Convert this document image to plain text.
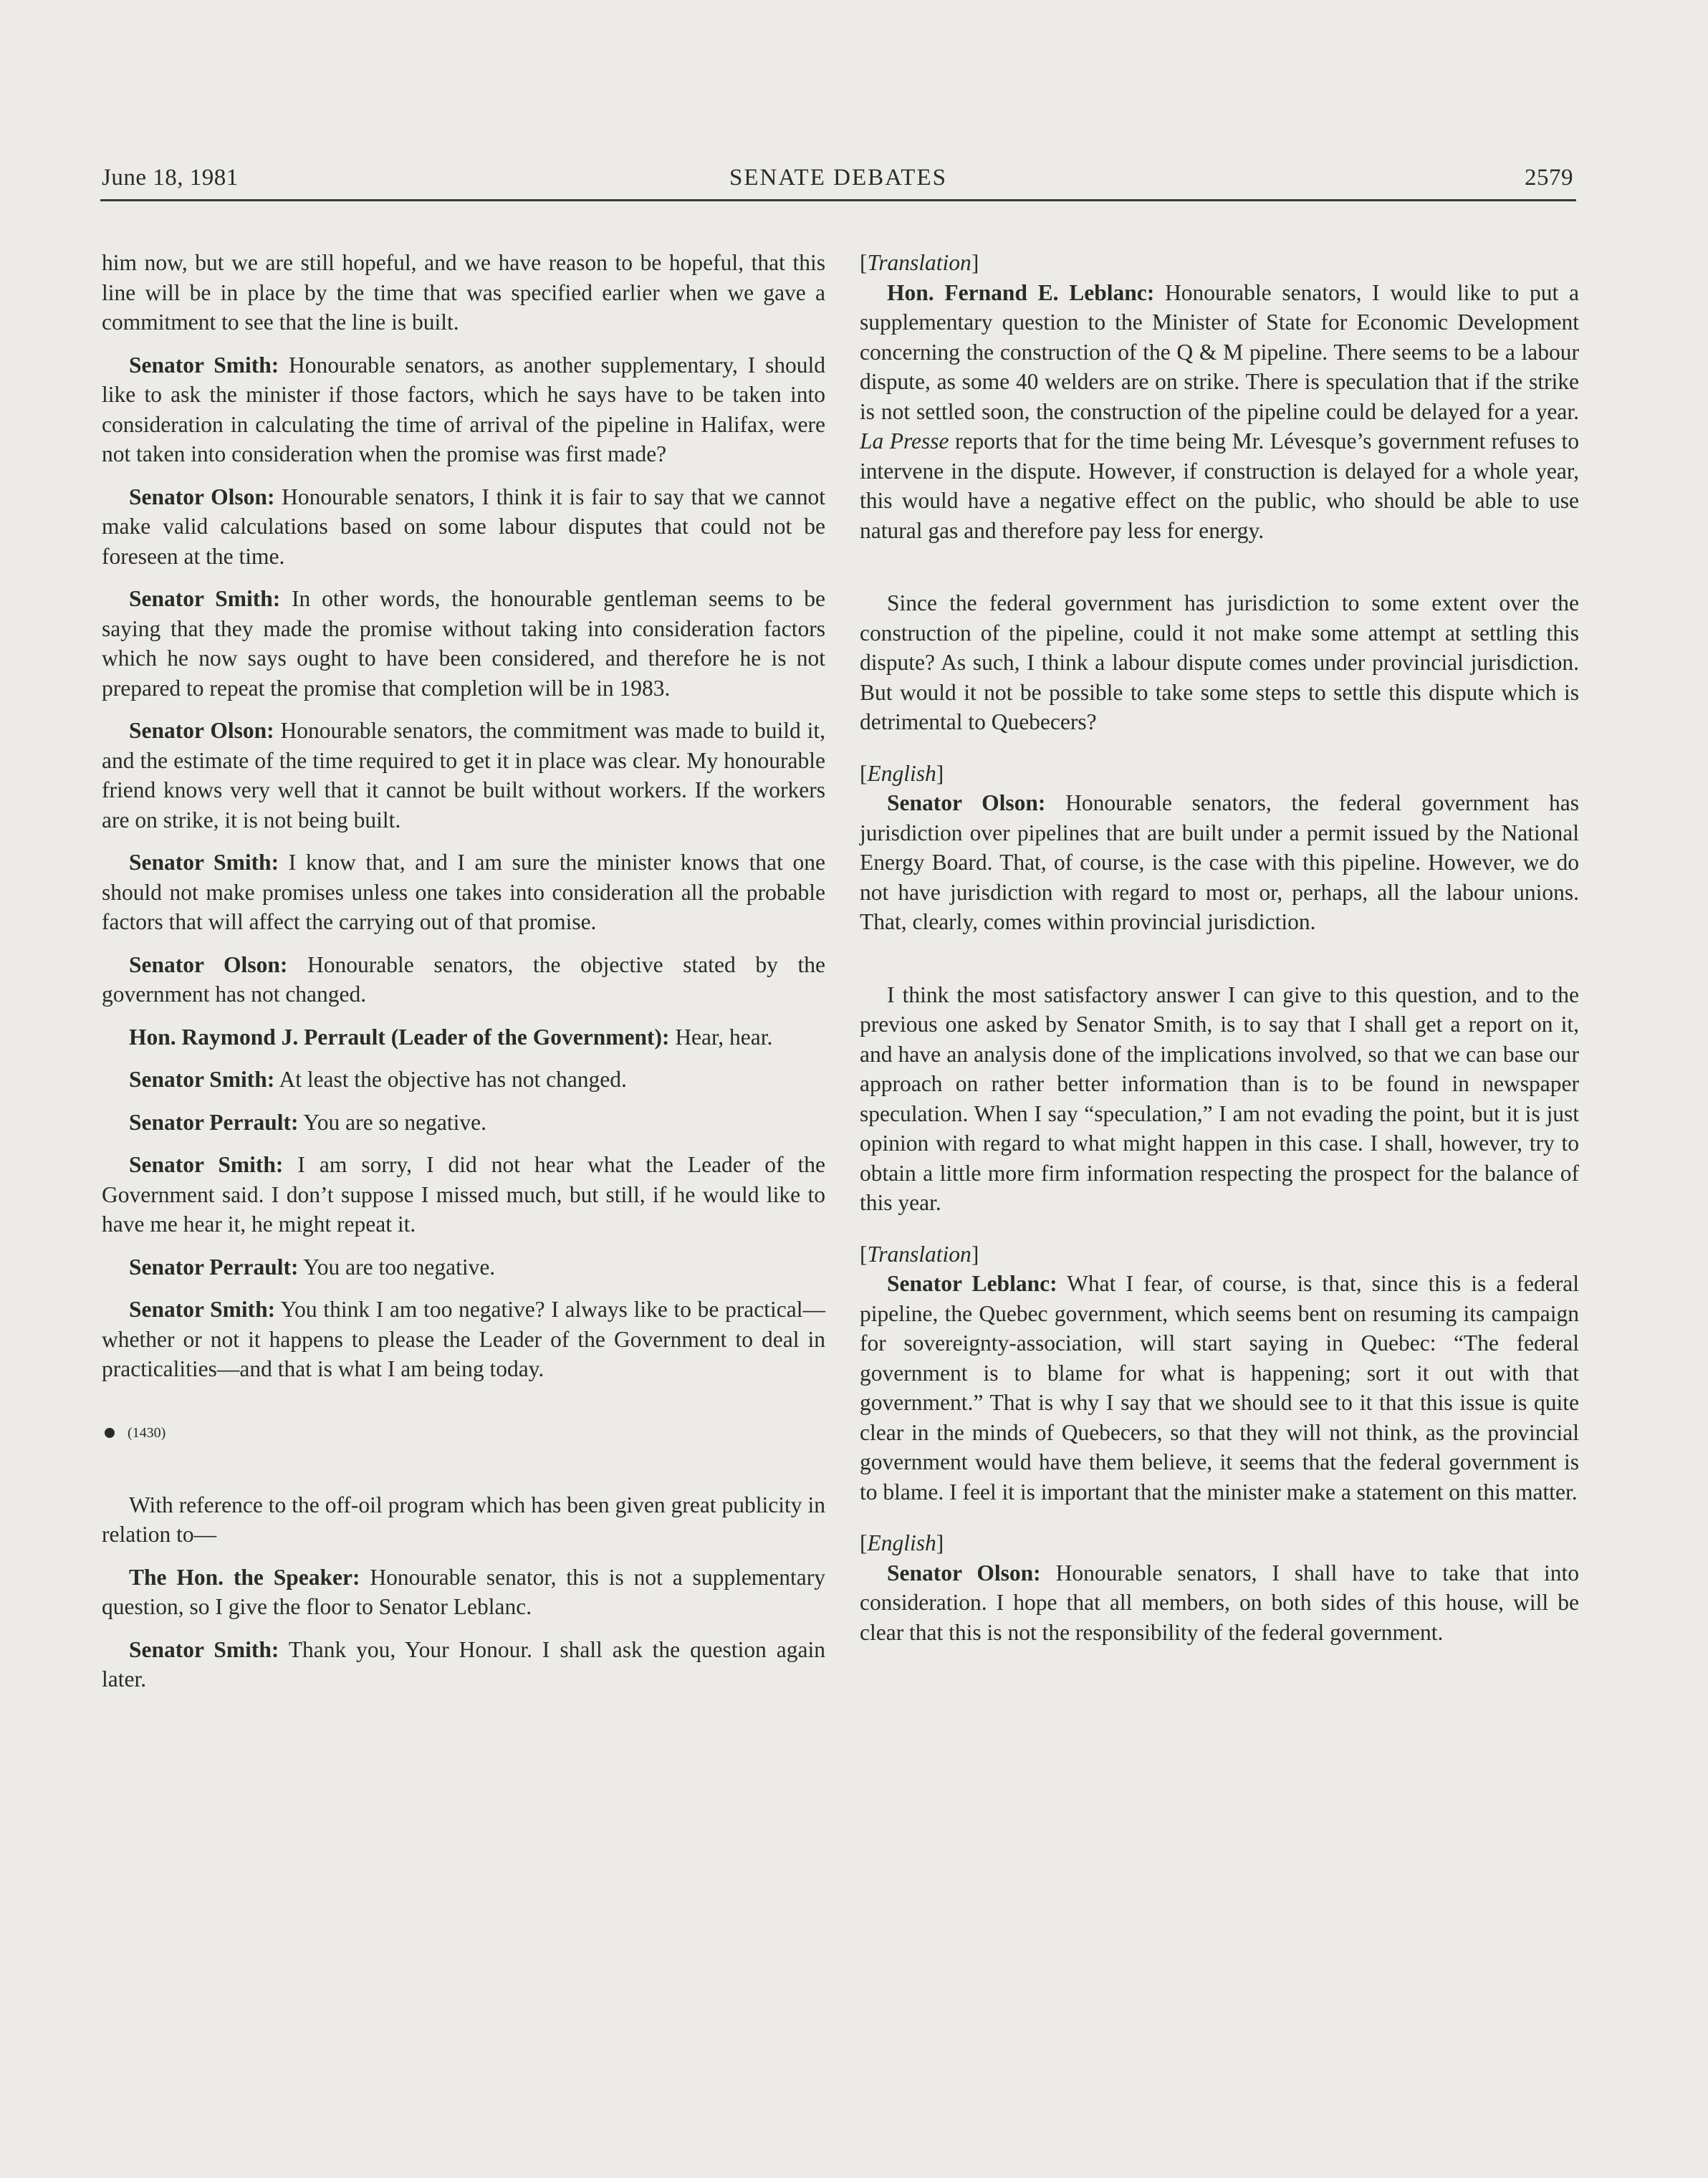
June 18, 1981	SENATE DEBATES	2579

him now, but we are still hopeful, and we have reason to be hopeful, that this line will be in place by the time that was specified earlier when we gave a commitment to see that the line is built.

Senator Smith: Honourable senators, as another supplementary, I should like to ask the minister if those factors, which he says have to be taken into consideration in calculating the time of arrival of the pipeline in Halifax, were not taken into consideration when the promise was first made?

Senator Olson: Honourable senators, I think it is fair to say that we cannot make valid calculations based on some labour disputes that could not be foreseen at the time.

Senator Smith: In other words, the honourable gentleman seems to be saying that they made the promise without taking into consideration factors which he now says ought to have been considered, and therefore he is not prepared to repeat the promise that completion will be in 1983.

Senator Olson: Honourable senators, the commitment was made to build it, and the estimate of the time required to get it in place was clear. My honourable friend knows very well that it cannot be built without workers. If the workers are on strike, it is not being built.

Senator Smith: I know that, and I am sure the minister knows that one should not make promises unless one takes into consideration all the probable factors that will affect the carrying out of that promise.

Senator Olson: Honourable senators, the objective stated by the government has not changed.

Hon. Raymond J. Perrault (Leader of the Government): Hear, hear.

Senator Smith: At least the objective has not changed.

Senator Perrault: You are so negative.

Senator Smith: I am sorry, I did not hear what the Leader of the Government said. I don’t suppose I missed much, but still, if he would like to have me hear it, he might repeat it.

Senator Perrault: You are too negative.

Senator Smith: You think I am too negative? I always like to be practical—whether or not it happens to please the Leader of the Government to deal in practicalities—and that is what I am being today.

(1430)

With reference to the off-oil program which has been given great publicity in relation to—

The Hon. the Speaker: Honourable senator, this is not a supplementary question, so I give the floor to Senator Leblanc.

Senator Smith: Thank you, Your Honour. I shall ask the question again later.

[Translation]

Hon. Fernand E. Leblanc: Honourable senators, I would like to put a supplementary question to the Minister of State for Economic Development concerning the construction of the Q & M pipeline. There seems to be a labour dispute, as some 40 welders are on strike. There is speculation that if the strike is not settled soon, the construction of the pipeline could be delayed for a year. La Presse reports that for the time being Mr. Lévesque’s government refuses to intervene in the dispute. However, if construction is delayed for a whole year, this would have a negative effect on the public, who should be able to use natural gas and therefore pay less for energy.

Since the federal government has jurisdiction to some extent over the construction of the pipeline, could it not make some attempt at settling this dispute? As such, I think a labour dispute comes under provincial jurisdiction. But would it not be possible to take some steps to settle this dispute which is detrimental to Quebecers?

[English]

Senator Olson: Honourable senators, the federal government has jurisdiction over pipelines that are built under a permit issued by the National Energy Board. That, of course, is the case with this pipeline. However, we do not have jurisdiction with regard to most or, perhaps, all the labour unions. That, clearly, comes within provincial jurisdiction.

I think the most satisfactory answer I can give to this question, and to the previous one asked by Senator Smith, is to say that I shall get a report on it, and have an analysis done of the implications involved, so that we can base our approach on rather better information than is to be found in newspaper speculation. When I say “speculation,” I am not evading the point, but it is just opinion with regard to what might happen in this case. I shall, however, try to obtain a little more firm information respecting the prospect for the balance of this year.

[Translation]

Senator Leblanc: What I fear, of course, is that, since this is a federal pipeline, the Quebec government, which seems bent on resuming its campaign for sovereignty-association, will start saying in Quebec: “The federal government is to blame for what is happening; sort it out with that government.” That is why I say that we should see to it that this issue is quite clear in the minds of Quebecers, so that they will not think, as the provincial government would have them believe, it seems that the federal government is to blame. I feel it is important that the minister make a statement on this matter.

[English]

Senator Olson: Honourable senators, I shall have to take that into consideration. I hope that all members, on both sides of this house, will be clear that this is not the responsibility of the federal government.
